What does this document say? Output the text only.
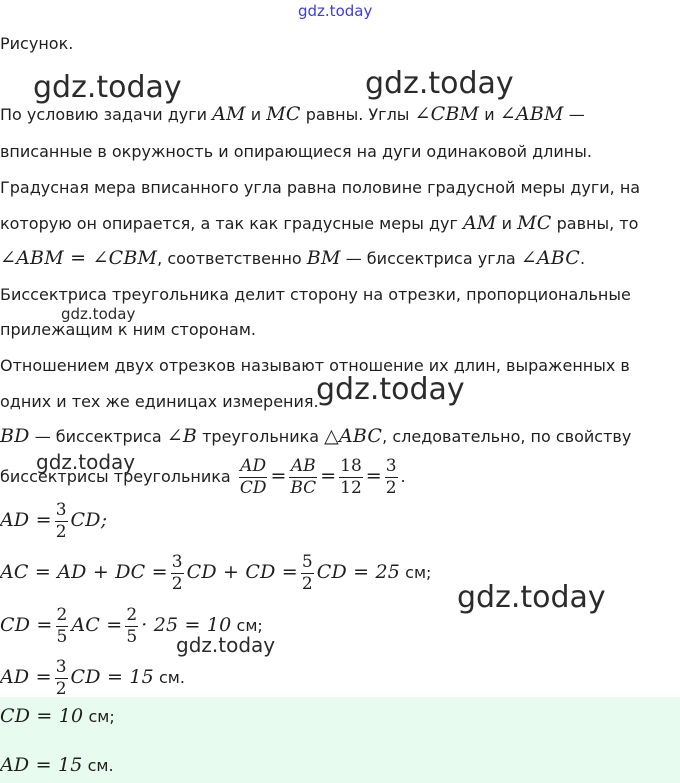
gdz.today
gdz.today	gdz.today
gdz.today
gdz.today
gdz.today
gdz.today
gdz.today
Рисунок.
По условию задачи дуги AM и MC равны. Углы ∠CBM и ∠ABM —
вписанные в окружность и опирающиеся на дуги одинаковой длины.
Градусная мера вписанного угла равна половине градусной меры дуги, на
которую он опирается, а так как градусные меры дуг AM и MC равны, то
∠ABM = ∠CBM, соответственно BM — биссектриса угла ∠ABC.
Биссектриса треугольника делит сторону на отрезки, пропорциональные
прилежащим к ним сторонам.
Отношением двух отрезков называют отношение их длин, выраженных в
одних и тех же единицах измерения.
BD — биссектриса ∠B треугольника △ABC, следовательно, по свойству
биссектрисы треугольника $\frac{AD}{CD} = \frac{AB}{BC} = \frac{18}{12} = \frac{3}{2}$ .
AD = $\frac{3}{2}$ CD;
AC = AD + DC = $\frac{3}{2}$ CD + CD = $\frac{5}{2}$ CD = 25 см;
CD = $\frac{2}{5}$ AC = $\frac{2}{5} \cdot 25 = 10$ см;
AD = $\frac{3}{2}$ CD = 15 см.
CD = 10 см;
AD = 15 см.
